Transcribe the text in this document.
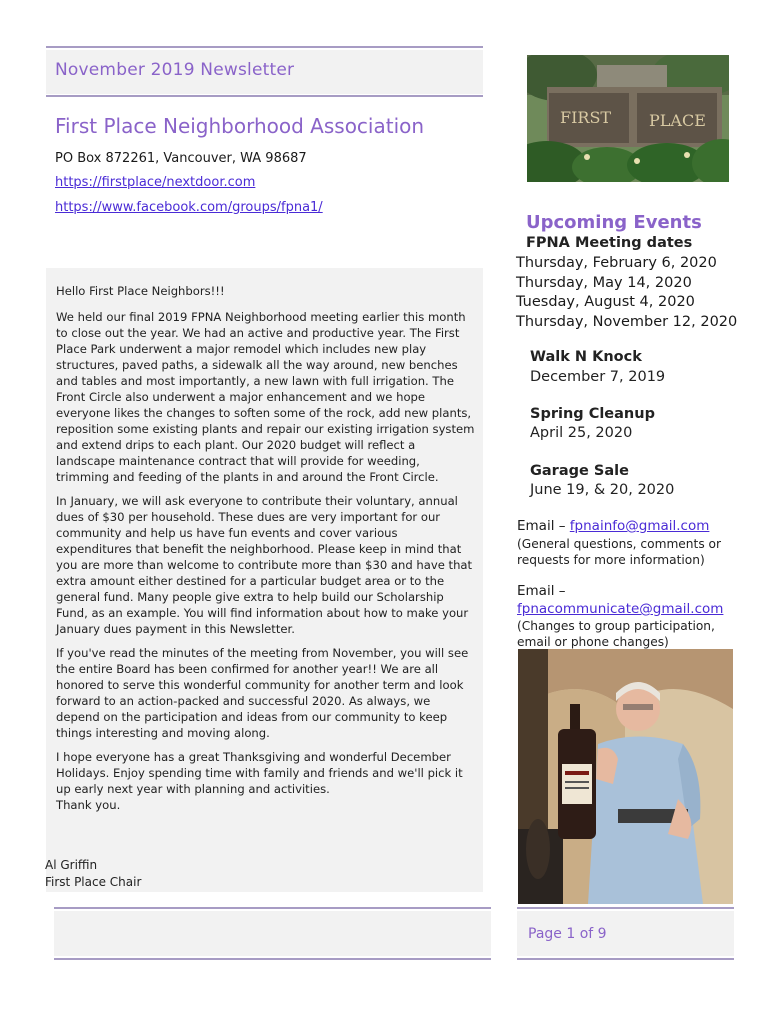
November 2019 Newsletter
First Place Neighborhood Association
PO Box 872261, Vancouver, WA 98687
https://firstplace/nextdoor.com
https://www.facebook.com/groups/fpna1/

Hello First Place Neighbors!!!

We held our final 2019 FPNA Neighborhood meeting earlier this month to close out the year. We had an active and productive year. The First Place Park underwent a major remodel which includes new play structures, paved paths, a sidewalk all the way around, new benches and tables and most importantly, a new lawn with full irrigation. The Front Circle also underwent a major enhancement and we hope everyone likes the changes to soften some of the rock, add new plants, reposition some existing plants and repair our existing irrigation system and extend drips to each plant. Our 2020 budget will reflect a landscape maintenance contract that will provide for weeding, trimming and feeding of the plants in and around the Front Circle.

In January, we will ask everyone to contribute their voluntary, annual dues of $30 per household. These dues are very important for our community and help us have fun events and cover various expenditures that benefit the neighborhood. Please keep in mind that you are more than welcome to contribute more than $30 and have that extra amount either destined for a particular budget area or to the general fund. Many people give extra to help build our Scholarship Fund, as an example. You will find information about how to make your January dues payment in this Newsletter.

If you've read the minutes of the meeting from November, you will see the entire Board has been confirmed for another year!! We are all honored to serve this wonderful community for another term and look forward to an action-packed and successful 2020. As always, we depend on the participation and ideas from our community to keep things interesting and moving along.

I hope everyone has a great Thanksgiving and wonderful December Holidays. Enjoy spending time with family and friends and we'll pick it up early next year with planning and activities.

Thank you.

Al Griffin
First Place Chair
Page 1 of 9
FIRST PLACE
Upcoming Events
FPNA Meeting dates
Thursday, February 6, 2020
Thursday, May 14, 2020
Tuesday, August 4, 2020
Thursday, November 12, 2020
Walk N Knock
December 7, 2019
Spring Cleanup
April 25, 2020
Garage Sale
June 19, & 20, 2020
Email – fpnainfo@gmail.com
(General questions, comments or requests for more information)
Email –
fpnacommunicate@gmail.com
(Changes to group participation, email or phone changes)
